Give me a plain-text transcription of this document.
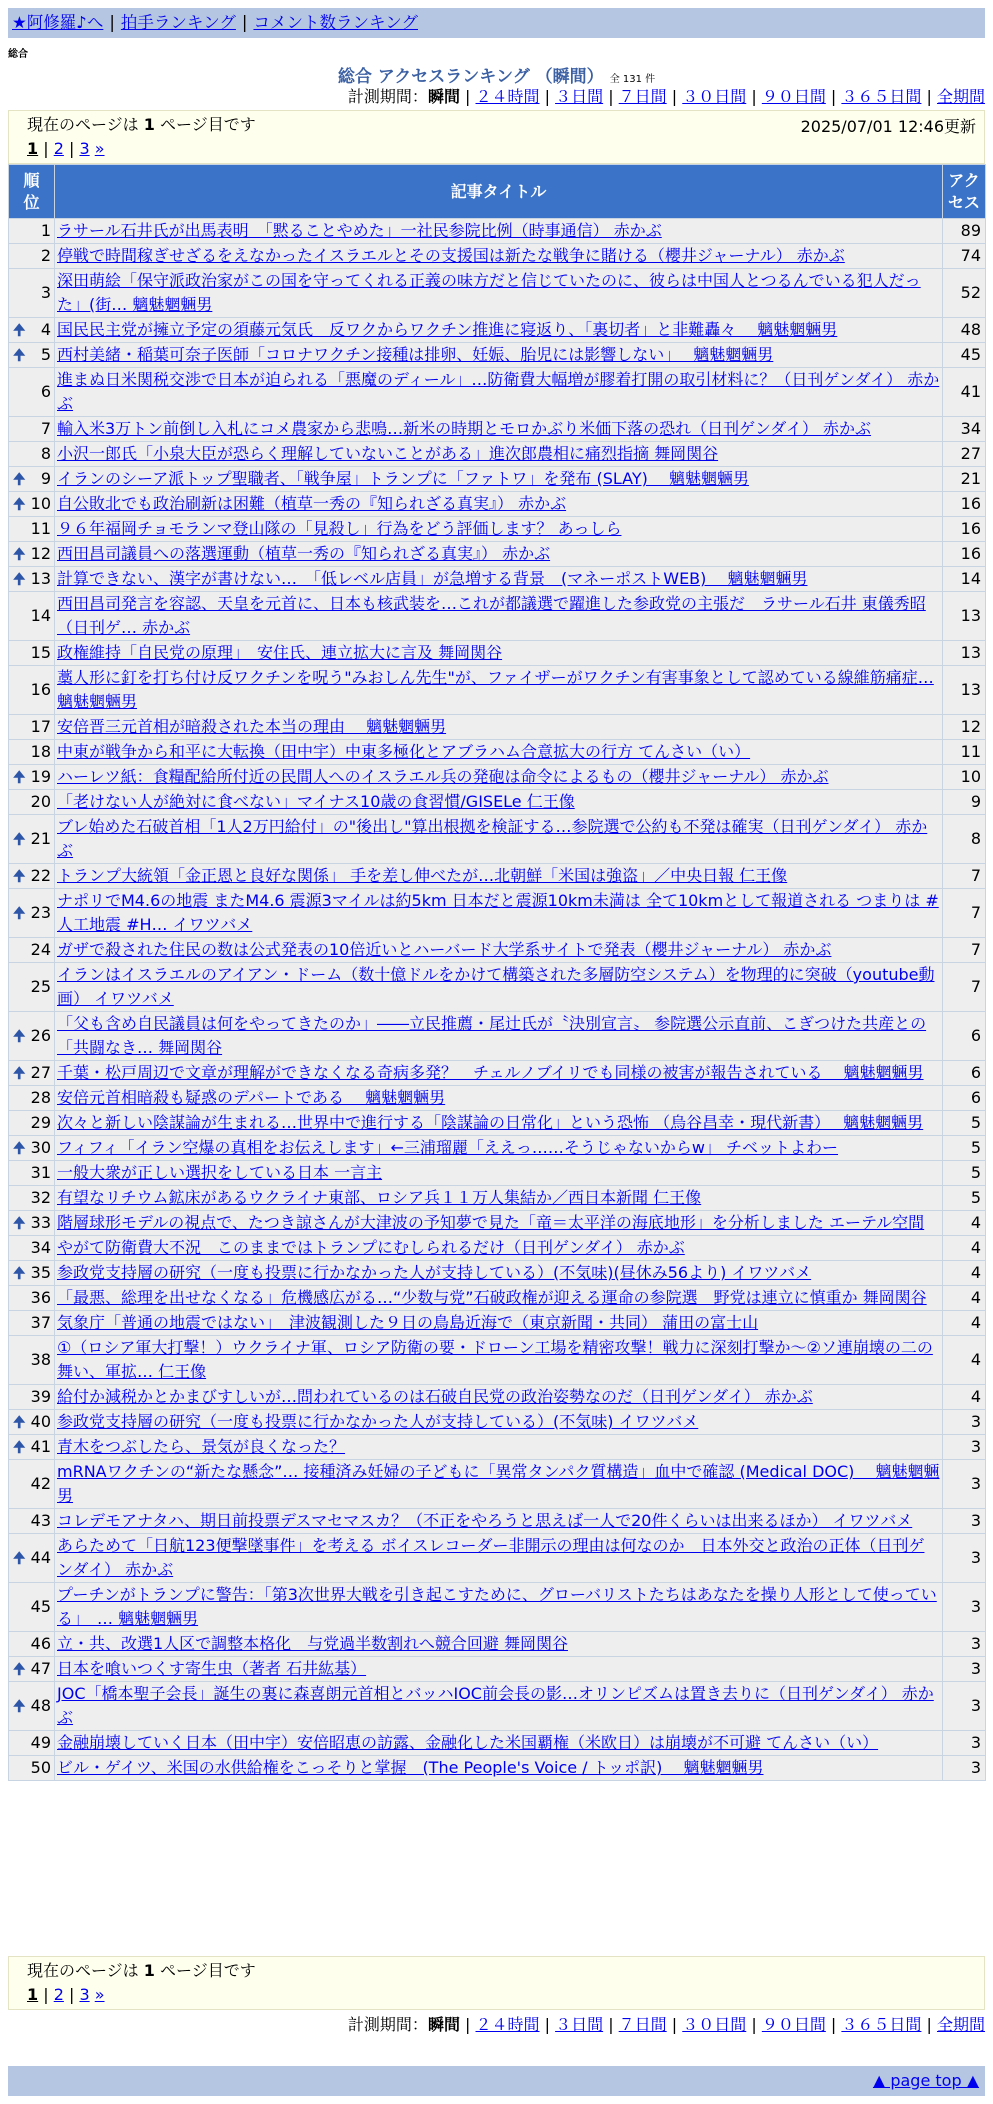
★阿修羅♪へ | 拍手ランキング | コメント数ランキング
総合
総合 アクセスランキング （瞬間） 全 131 件
計測期間：瞬間 | ２４時間 | ３日間 | ７日間 | ３０日間 | ９０日間 | ３６５日間 | 全期間
現在のページは 1 ページ目です	2025/07/01 12:46更新
1 | 2 | 3 »
順位	記事タイトル	アクセス
1	ラサール石井氏が出馬表明　「黙ることやめた」一社民参院比例（時事通信） 赤かぶ	89
2	停戦で時間稼ぎせざるをえなかったイスラエルとその支援国は新たな戦争に賭ける（櫻井ジャーナル） 赤かぶ	74
3	深田萌絵「保守派政治家がこの国を守ってくれる正義の味方だと信じていたのに、彼らは中国人とつるんでいる犯人だった」(街… 魑魅魍魎男	52

🠉 4	国民民主党が擁立予定の須藤元気氏　反ワクからワクチン推進に寝返り、「裏切者」と非難轟々　 魑魅魍魎男	48

🠉 5	西村美緒・稲葉可奈子医師「コロナワクチン接種は排卵、妊娠、胎児には影響しない」　 魑魅魍魎男	45
6	進まぬ日米関税交渉で日本が迫られる「悪魔のディール」…防衛費大幅増が膠着打開の取引材料に？（日刊ゲンダイ） 赤かぶ	41
7	輸入米3万トン前倒し入札にコメ農家から悲鳴…新米の時期とモロかぶり米価下落の恐れ（日刊ゲンダイ） 赤かぶ	34
8	小沢一郎氏「小泉大臣が恐らく理解していないことがある」進次郎農相に痛烈指摘 舞岡関谷	27

🠉 9	イランのシーア派トップ聖職者、「戦争屋」トランプに「ファトワ」を発布 (SLAY)　 魑魅魍魎男	21

🠉 10	自公敗北でも政治刷新は困難（植草一秀の『知られざる真実』） 赤かぶ	16
11	９６年福岡チョモランマ登山隊の「見殺し」行為をどう評価します？ あっしら	16

🠉 12	西田昌司議員への落選運動（植草一秀の『知られざる真実』） 赤かぶ	16

🠉 13	計算できない、漢字が書けない…　「低レベル店員」が急増する背景　(マネーポストWEB)　 魑魅魍魎男	14
14	西田昌司発言を容認、天皇を元首に、日本も核武装を…これが都議選で躍進した参政党の主張だ　ラサール石井 東儀秀昭（日刊ゲ… 赤かぶ	13
15	政権維持「自民党の原理」　安住氏、連立拡大に言及 舞岡関谷	13
16	藁人形に釘を打ち付け反ワクチンを呪う"みおしん先生"が、ファイザーがワクチン有害事象として認めている線維筋痛症… 魑魅魍魎男	13
17	安倍晋三元首相が暗殺された本当の理由　 魑魅魍魎男	12
18	中東が戦争から和平に大転換（田中宇）中東多極化とアブラハム合意拡大の行方 てんさい（い）	11

🠉 19	ハーレツ紙：食糧配給所付近の民間人へのイスラエル兵の発砲は命令によるもの（櫻井ジャーナル） 赤かぶ	10
20	「老けない人が絶対に食べない」マイナス10歳の食習慣/GISELe 仁王像	9

🠉 21	ブレ始めた石破首相「1人2万円給付」の"後出し"算出根拠を検証する…参院選で公約も不発は確実（日刊ゲンダイ） 赤かぶ	8

🠉 22	トランプ大統領「金正恩と良好な関係」 手を差し伸べたが…北朝鮮「米国は強盗」／中央日報 仁王像	7

🠉 23	ナポリでM4.6の地震 またM4.6 震源3マイルは約5km 日本だと震源10km未満は 全て10kmとして報道される つまりは #人工地震 #H… イワツバメ	7
24	ガザで殺された住民の数は公式発表の10倍近いとハーバード大学系サイトで発表（櫻井ジャーナル） 赤かぶ	7
25	イランはイスラエルのアイアン・ドーム（数十億ドルをかけて構築された多層防空システム）を物理的に突破（youtube動画） イワツバメ	7

🠉 26	「父も含め自民議員は何をやってきたのか」――立民推薦・尾辻氏が〝決別宣言〟 参院選公示直前、こぎつけた共産との「共闘なき… 舞岡関谷	6

🠉 27	千葉・松戸周辺で文章が理解ができなくなる奇病多発？　チェルノブイリでも同様の被害が報告されている　 魑魅魍魎男	6
28	安倍元首相暗殺も疑惑のデパートである　 魑魅魍魎男	6
29	次々と新しい陰謀論が生まれる…世界中で進行する「陰謀論の日常化」という恐怖 （烏谷昌幸・現代新書）　 魑魅魍魎男	5

🠉 30	フィフィ「イラン空爆の真相をお伝えします」←三浦瑠麗「ええっ……そうじゃないからw」 チベットよわー	5
31	一般大衆が正しい選択をしている日本 一言主	5
32	有望なリチウム鉱床があるウクライナ東部、ロシア兵１１万人集結か／西日本新聞 仁王像	5

🠉 33	階層球形モデルの視点で、たつき諒さんが大津波の予知夢で見た「竜＝太平洋の海底地形」を分析しました エーテル空間	4
34	やがて防衛費大不況　このままではトランプにむしられるだけ（日刊ゲンダイ） 赤かぶ	4

🠉 35	参政党支持層の研究（一度も投票に行かなかった人が支持している）(不気味)(昼休み56より) イワツバメ	4
36	「最悪、総理を出せなくなる」危機感広がる…“少数与党”石破政権が迎える運命の参院選　野党は連立に慎重か 舞岡関谷	4
37	気象庁「普通の地震ではない」　津波観測した９日の鳥島近海で（東京新聞・共同） 蒲田の富士山	4
38	①（ロシア軍大打撃！）ウクライナ軍、ロシア防衛の要・ドローン工場を精密攻撃！戦力に深刻打撃か～②ソ連崩壊の二の舞い、軍拡… 仁王像	4
39	給付か減税かとかまびすしいが…問われているのは石破自民党の政治姿勢なのだ（日刊ゲンダイ） 赤かぶ	4

🠉 40	参政党支持層の研究（一度も投票に行かなかった人が支持している）(不気味) イワツバメ	3

🠉 41	青木をつぶしたら、景気が良くなった？	3
42	mRNAワクチンの“新たな懸念”… 接種済み妊婦の子どもに「異常タンパク質構造」血中で確認 (Medical DOC)　 魑魅魍魎男	3
43	コレデモアナタハ、期日前投票デスマセマスカ？（不正をやろうと思えば一人で20件くらいは出来るほか） イワツバメ	3

🠉 44	あらためて「日航123便撃墜事件」を考える ボイスレコーダー非開示の理由は何なのか　日本外交と政治の正体（日刊ゲンダイ） 赤かぶ	3
45	プーチンがトランプに警告：「第3次世界大戦を引き起こすために、グローバリストたちはあなたを操り人形として使っている」　… 魑魅魍魎男	3
46	立・共、改選1人区で調整本格化　与党過半数割れへ競合回避 舞岡関谷	3

🠉 47	日本を喰いつくす寄生虫（著者 石井紘基）	3

🠉 48	JOC「橋本聖子会長」誕生の裏に森喜朗元首相とバッハIOC前会長の影…オリンピズムは置き去りに（日刊ゲンダイ） 赤かぶ	3
49	金融崩壊していく日本（田中宇）安倍昭恵の訪露、金融化した米国覇権（米欧日）は崩壊が不可避 てんさい（い）	3
50	ビル・ゲイツ、米国の水供給権をこっそりと掌握　(The People's Voice / トッポ訳)　 魑魅魍魎男	3
現在のページは 1 ページ目です
1 | 2 | 3 »
計測期間：瞬間 | ２４時間 | ３日間 | ７日間 | ３０日間 | ９０日間 | ３６５日間 | 全期間
▲ page top ▲
